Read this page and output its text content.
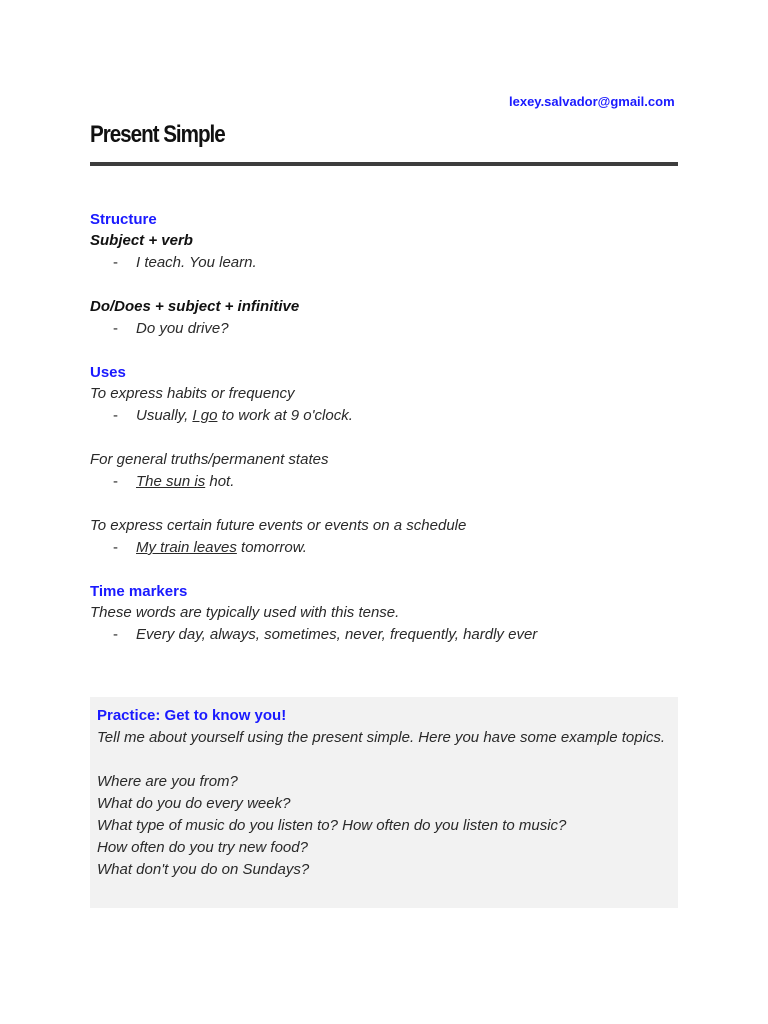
lexey.salvador@gmail.com
Present Simple
Structure
Subject + verb
- I teach. You learn.
Do/Does + subject + infinitive
- Do you drive?
Uses
To express habits or frequency
- Usually, I go to work at 9 o'clock.
For general truths/permanent states
- The sun is hot.
To express certain future events or events on a schedule
- My train leaves tomorrow.
Time markers
These words are typically used with this tense.
- Every day, always, sometimes, never, frequently, hardly ever
Practice: Get to know you!
Tell me about yourself using the present simple. Here you have some example topics.
Where are you from?
What do you do every week?
What type of music do you listen to? How often do you listen to music?
How often do you try new food?
What don't you do on Sundays?
